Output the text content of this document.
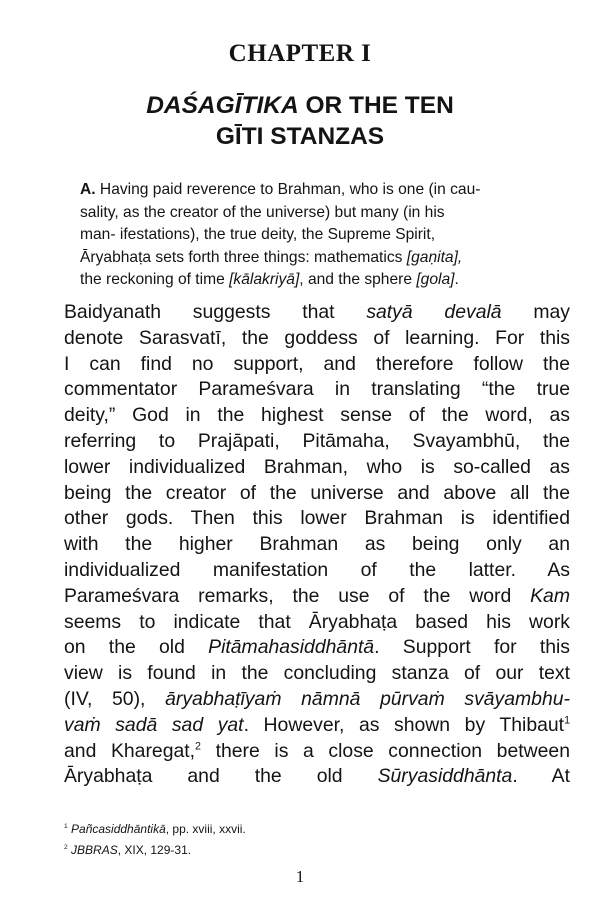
CHAPTER I
DAŚAGĪTIKA OR THE TEN
GĪTI STANZAS
A. Having paid reverence to Brahman, who is one (in cau-
sality, as the creator of the universe) but many (in his
man- ifestations), the true deity, the Supreme Spirit,
Āryabhaṭa sets forth three things: mathematics [gaṇita],
the reckoning of time [kālakriyā], and the sphere [gola].
Baidyanath suggests that satyā devalā may
denote Sarasvatī, the goddess of learning. For this
I can find no support, and therefore follow the
commentator Parameśvara in translating “the true
deity,” God in the highest sense of the word, as
referring to Prajāpati, Pitāmaha, Svayambhū, the
lower individualized Brahman, who is so-called as
being the creator of the universe and above all the
other gods. Then this lower Brahman is identified
with the higher Brahman as being only an
individualized manifestation of the latter. As
Parameśvara remarks, the use of the word Kam
seems to indicate that Āryabhaṭa based his work
on the old Pitāmahasiddhāntā. Support for this
view is found in the concluding stanza of our text
(IV, 50), āryabhaṭīyaṁ nāmnā pūrvaṁ svāyambhu-
vaṁ sadā sad yat. However, as shown by Thibaut$^1$
and Kharegat,$^2$ there is a close connection between
Āryabhaṭa and the old Sūryasiddhānta. At
$^1$ Pañcasiddhāntikā, pp. xviii, xxvii.
$^2$ JBBRAS, XIX, 129-31.
1
